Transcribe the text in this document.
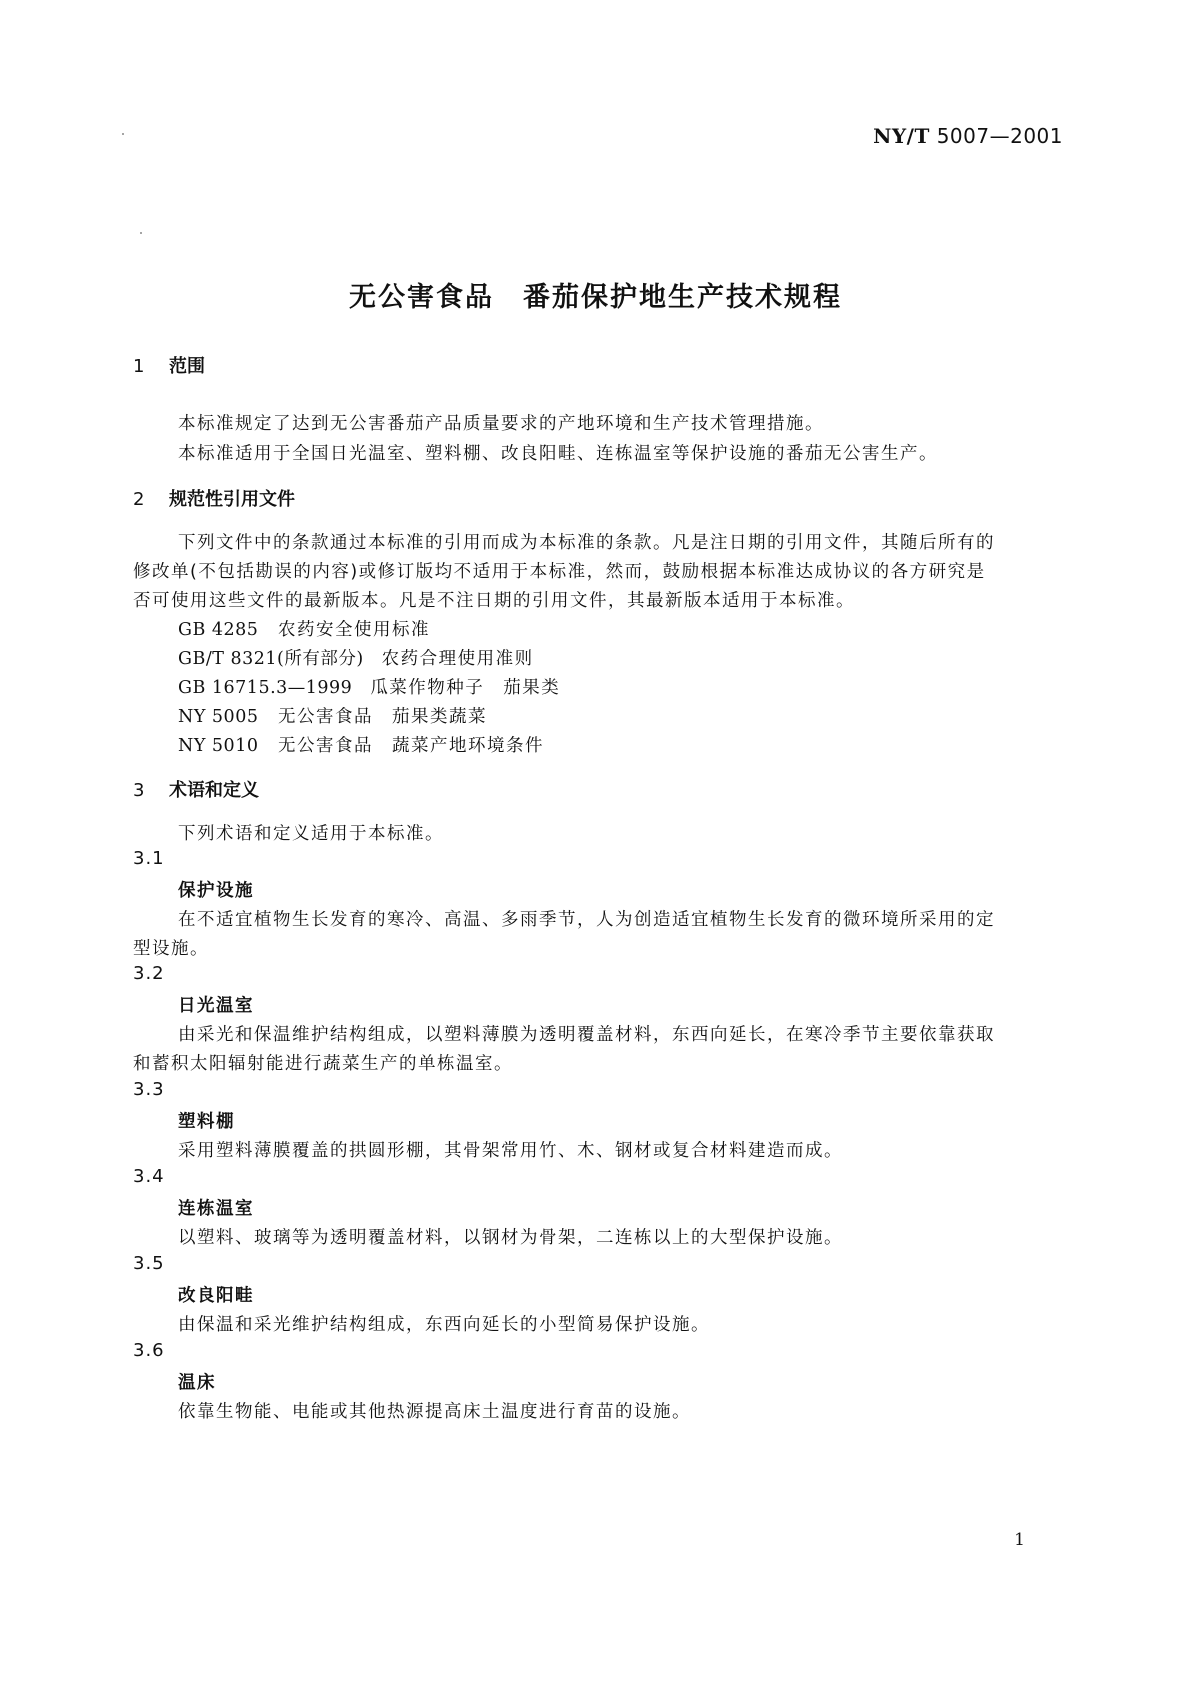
NY/T 5007—2001
无公害食品　番茄保护地生产技术规程
1 范围
本标准规定了达到无公害番茄产品质量要求的产地环境和生产技术管理措施。
本标准适用于全国日光温室、塑料棚、改良阳畦、连栋温室等保护设施的番茄无公害生产。
2 规范性引用文件
下列文件中的条款通过本标准的引用而成为本标准的条款。凡是注日期的引用文件，其随后所有的
修改单(不包括勘误的内容)或修订版均不适用于本标准，然而，鼓励根据本标准达成协议的各方研究是
否可使用这些文件的最新版本。凡是不注日期的引用文件，其最新版本适用于本标准。
GB 4285 农药安全使用标准
GB/T 8321(所有部分) 农药合理使用准则
GB 16715.3—1999 瓜菜作物种子　茄果类
NY 5005 无公害食品　茄果类蔬菜
NY 5010 无公害食品　蔬菜产地环境条件
3 术语和定义
下列术语和定义适用于本标准。
3.1
保护设施
在不适宜植物生长发育的寒冷、高温、多雨季节，人为创造适宜植物生长发育的微环境所采用的定
型设施。
3.2
日光温室
由采光和保温维护结构组成，以塑料薄膜为透明覆盖材料，东西向延长，在寒冷季节主要依靠获取
和蓄积太阳辐射能进行蔬菜生产的单栋温室。
3.3
塑料棚
采用塑料薄膜覆盖的拱圆形棚，其骨架常用竹、木、钢材或复合材料建造而成。
3.4
连栋温室
以塑料、玻璃等为透明覆盖材料，以钢材为骨架，二连栋以上的大型保护设施。
3.5
改良阳畦
由保温和采光维护结构组成，东西向延长的小型简易保护设施。
3.6
温床
依靠生物能、电能或其他热源提高床土温度进行育苗的设施。
1
